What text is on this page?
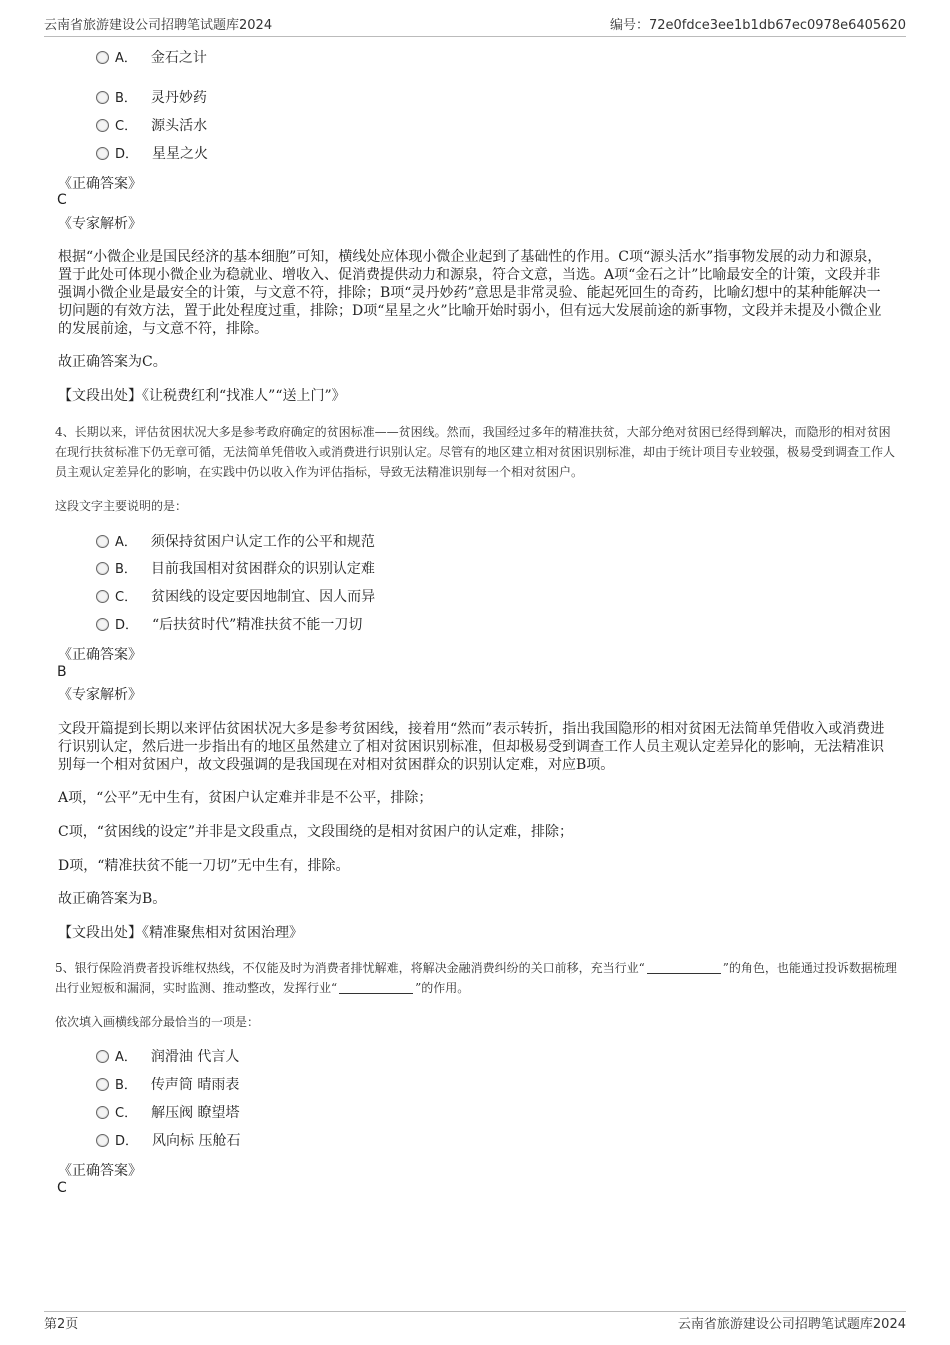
云南省旅游建设公司招聘笔试题库2024	编号：72e0fdce3ee1b1db67ec0978e6405620
A． 金石之计
B． 灵丹妙药
C． 源头活水
D． 星星之火
《正确答案》
C
《专家解析》
根据“小微企业是国民经济的基本细胞”可知，横线处应体现小微企业起到了基础性的作用。C项“源头活水”指事物发展的动力和源泉，置于此处可体现小微企业为稳就业、增收入、促消费提供动力和源泉，符合文意，当选。A项“金石之计”比喻最安全的计策，文段并非强调小微企业是最安全的计策，与文意不符，排除；B项“灵丹妙药”意思是非常灵验、能起死回生的奇药，比喻幻想中的某种能解决一切问题的有效方法，置于此处程度过重，排除；D项“星星之火”比喻开始时弱小，但有远大发展前途的新事物，文段并未提及小微企业的发展前途，与文意不符，排除。
故正确答案为C。
【文段出处】《让税费红利“找准人”“送上门”》
4、长期以来，评估贫困状况大多是参考政府确定的贫困标准——贫困线。然而，我国经过多年的精准扶贫，大部分绝对贫困已经得到解决，而隐形的相对贫困在现行扶贫标准下仍无章可循，无法简单凭借收入或消费进行识别认定。尽管有的地区建立相对贫困识别标准，却由于统计项目专业较强，极易受到调查工作人员主观认定差异化的影响，在实践中仍以收入作为评估指标，导致无法精准识别每一个相对贫困户。
这段文字主要说明的是：
A． 须保持贫困户认定工作的公平和规范
B． 目前我国相对贫困群众的识别认定难
C． 贫困线的设定要因地制宜、因人而异
D． “后扶贫时代”精准扶贫不能一刀切
《正确答案》
B
《专家解析》
文段开篇提到长期以来评估贫困状况大多是参考贫困线，接着用“然而”表示转折，指出我国隐形的相对贫困无法简单凭借收入或消费进行识别认定，然后进一步指出有的地区虽然建立了相对贫困识别标准，但却极易受到调查工作人员主观认定差异化的影响，无法精准识别每一个相对贫困户，故文段强调的是我国现在对相对贫困群众的识别认定难，对应B项。
A项，“公平”无中生有，贫困户认定难并非是不公平，排除；
C项，“贫困线的设定”并非是文段重点，文段围绕的是相对贫困户的认定难，排除；
D项，“精准扶贫不能一刀切”无中生有，排除。
故正确答案为B。
【文段出处】《精准聚焦相对贫困治理》
5、银行保险消费者投诉维权热线，不仅能及时为消费者排忧解难，将解决金融消费纠纷的关口前移，充当行业“	”的角色，也能通过投诉数据梳理出行业短板和漏洞，实时监测、推动整改，发挥行业“	”的作用。
依次填入画横线部分最恰当的一项是：
A． 润滑油 代言人
B． 传声筒 晴雨表
C． 解压阀 瞭望塔
D． 风向标 压舱石
《正确答案》
C
第2页	云南省旅游建设公司招聘笔试题库2024
